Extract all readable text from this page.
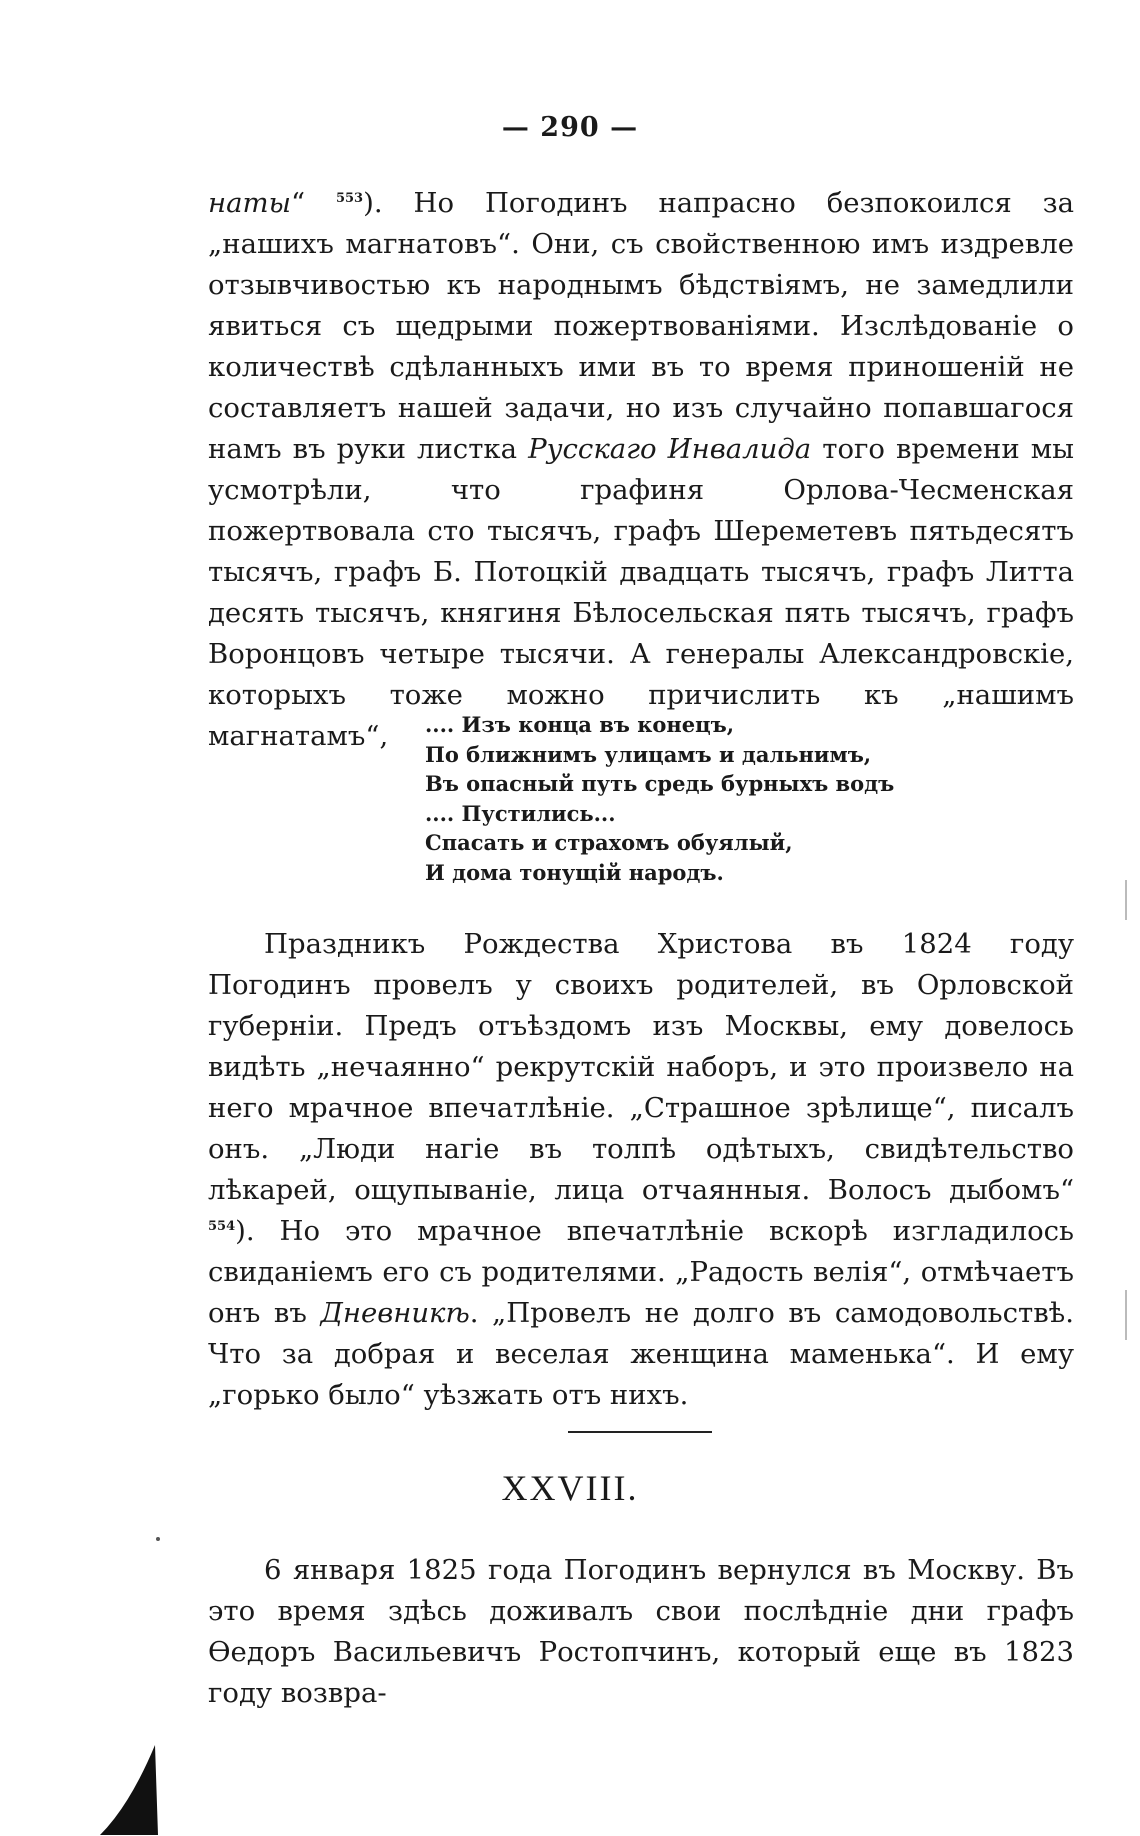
— 290 —

наты“ $^{553}$). Но Погодинъ напрасно безпокоился за „нашихъ магнатовъ“. Они, съ свойственною имъ издревле отзывчивостью къ народнымъ бѣдствіямъ, не замедлили явиться съ щедрыми пожертвованіями. Изслѣдованіе о количествѣ сдѣланныхъ ими въ то время приношеній не составляетъ нашей задачи, но изъ случайно попавшагося намъ въ руки листка Русскаго Инвалида того времени мы усмотрѣли, что графиня Орлова-Чесменская пожертвовала сто тысячъ, графъ Шереметевъ пятьдесятъ тысячъ, графъ Б. Потоцкій двадцать тысячъ, графъ Литта десять тысячъ, княгиня Бѣлосельская пять тысячъ, графъ Воронцовъ четыре тысячи. А генералы Александровскіе, которыхъ тоже можно причислить къ „нашимъ магнатамъ“,	.... Изъ конца въ конецъ,
По ближнимъ улицамъ и дальнимъ,
Въ опасный путь средь бурныхъ водъ
.... Пустились...
Спасать и страхомъ обуялый,
И дома тонущій народъ.

Праздникъ Рождества Христова въ 1824 году Погодинъ провелъ у своихъ родителей, въ Орловской губерніи. Предъ отъѣздомъ изъ Москвы, ему довелось видѣть „нечаянно“ рекрутскій наборъ, и это произвело на него мрачное впечатлѣніе. „Страшное зрѣлище“, писалъ онъ. „Люди нагіе въ толпѣ одѣтыхъ, свидѣтельство лѣкарей, ощупываніе, лица отчаянныя. Волосъ дыбомъ“ $^{554}$). Но это мрачное впечатлѣніе вскорѣ изгладилось свиданіемъ его съ родителями. „Радость велія“, отмѣчаетъ онъ въ Дневникѣ. „Провелъ не долго въ самодовольствѣ. Что за добрая и веселая женщина маменька“. И ему „горько было“ уѣзжать отъ нихъ.

XXVIII.

6 января 1825 года Погодинъ вернулся въ Москву. Въ это время здѣсь доживалъ свои послѣдніе дни графъ Ѳедоръ Васильевичъ Ростопчинъ, который еще въ 1823 году возвра-
